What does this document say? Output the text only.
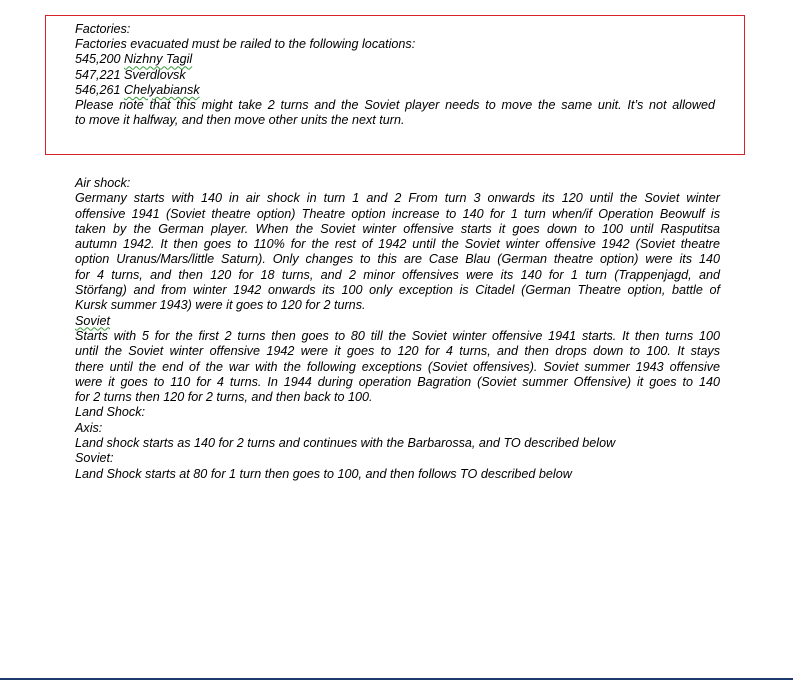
Factories:
Factories evacuated must be railed to the following locations:
545,200 Nizhny Tagil
547,221 Sverdlovsk
546,261 Chelyabiansk
Please note that this might take 2 turns and the Soviet player needs to move the same unit. It’s not allowed
to move it halfway, and then move other units the next turn.
Air shock:
Germany starts with 140 in air shock in turn 1 and 2 From turn 3 onwards its 120 until the Soviet winter
offensive 1941 (Soviet theatre option) Theatre option increase to 140 for 1 turn when/if Operation Beowulf is
taken by the German player. When the Soviet winter offensive starts it goes down to 100 until Rasputitsa
autumn 1942. It then goes to 110% for the rest of 1942 until the Soviet winter offensive 1942 (Soviet theatre
option Uranus/Mars/little Saturn). Only changes to this are Case Blau (German theatre option) were its 140
for 4 turns, and then 120 for 18 turns, and 2 minor offensives were its 140 for 1 turn (Trappenjagd, and
Störfang) and from winter 1942 onwards its 100 only exception is Citadel (German Theatre option, battle of
Kursk summer 1943) were it goes to 120 for 2 turns.
Soviet
Starts with 5 for the first 2 turns then goes to 80 till the Soviet winter offensive 1941 starts. It then turns 100
until the Soviet winter offensive 1942 were it goes to 120 for 4 turns, and then drops down to 100. It stays
there until the end of the war with the following exceptions (Soviet offensives). Soviet summer 1943 offensive
were it goes to 110 for 4 turns. In 1944 during operation Bagration (Soviet summer Offensive) it goes to 140
for 2 turns then 120 for 2 turns, and then back to 100.
Land Shock:
Axis:
Land shock starts as 140 for 2 turns and continues with the Barbarossa, and TO described below
Soviet:
Land Shock starts at 80 for 1 turn then goes to 100, and then follows TO described below
